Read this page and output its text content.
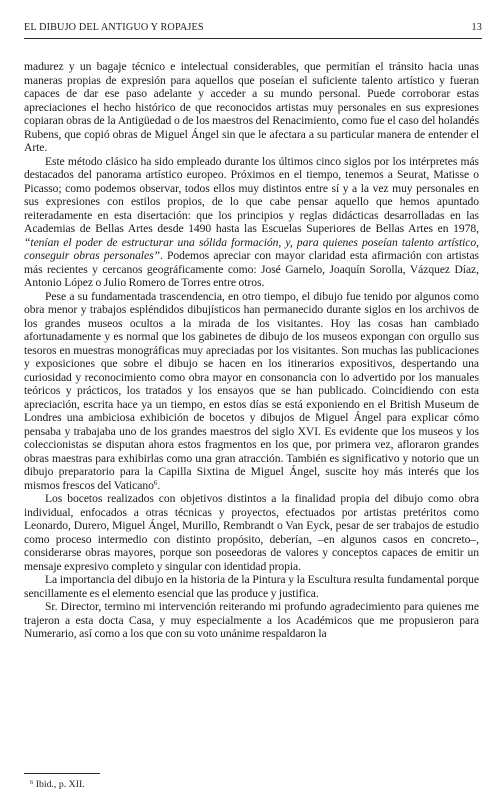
EL DIBUJO DEL ANTIGUO Y ROPAJES	13

madurez y un bagaje técnico e intelectual considerables, que permitían el tránsito hacia unas maneras propias de expresión para aquellos que poseían el suficiente talento artístico y fueran capaces de dar ese paso adelante y acceder a su mundo personal. Puede corroborar estas apreciaciones el hecho histórico de que reconocidos artistas muy personales en sus expresiones copiaran obras de la Antigüedad o de los maestros del Renacimiento, como fue el caso del holandés Rubens, que copió obras de Miguel Ángel sin que le afectara a su particular manera de entender el Arte.

Este método clásico ha sido empleado durante los últimos cinco siglos por los intérpretes más destacados del panorama artístico europeo. Próximos en el tiempo, tenemos a Seurat, Matisse o Picasso; como podemos observar, todos ellos muy distintos entre sí y a la vez muy personales en sus expresiones con estilos propios, de lo que cabe pensar aquello que hemos apuntado reiteradamente en esta disertación: que los principios y reglas didácticas desarrolladas en las Academias de Bellas Artes desde 1490 hasta las Escuelas Superiores de Bellas Artes en 1978, “tenían el poder de estructurar una sólida formación, y, para quienes poseían talento artístico, conseguir obras personales”. Podemos apreciar con mayor claridad esta afirmación con artistas más recientes y cercanos geográficamente como: José Garnelo, Joaquín Sorolla, Vázquez Díaz, Antonio López o Julio Romero de Torres entre otros.

Pese a su fundamentada trascendencia, en otro tiempo, el dibujo fue tenido por algunos como obra menor y trabajos espléndidos dibujísticos han permanecido durante siglos en los archivos de los grandes museos ocultos a la mirada de los visitantes. Hoy las cosas han cambiado afortunadamente y es normal que los gabinetes de dibujo de los museos expongan con orgullo sus tesoros en muestras monográficas muy apreciadas por los visitantes. Son muchas las publicaciones y exposiciones que sobre el dibujo se hacen en los itinerarios expositivos, despertando una curiosidad y reconocimiento como obra mayor en consonancia con lo advertido por los manuales teóricos y prácticos, los tratados y los ensayos que se han publicado. Coincidiendo con esta apreciación, escrita hace ya un tiempo, en estos días se está exponiendo en el British Museum de Londres una ambiciosa exhibición de bocetos y dibujos de Miguel Ángel para explicar cómo pensaba y trabajaba uno de los grandes maestros del siglo XVI. Es evidente que los museos y los coleccionistas se disputan ahora estos fragmentos en los que, por primera vez, afloraron grandes obras maestras para exhibirlas como una gran atracción. También es significativo y notorio que un dibujo preparatorio para la Capilla Sixtina de Miguel Ángel, suscite hoy más interés que los mismos frescos del Vaticano$^6$.

Los bocetos realizados con objetivos distintos a la finalidad propia del dibujo como obra individual, enfocados a otras técnicas y proyectos, efectuados por artistas pretéritos como Leonardo, Durero, Miguel Ángel, Murillo, Rembrandt o Van Eyck, pesar de ser trabajos de estudio como proceso intermedio con distinto propósito, deberían, –en algunos casos en concreto–, considerarse obras mayores, porque son poseedoras de valores y conceptos capaces de emitir un mensaje expresivo completo y singular con identidad propia.

La importancia del dibujo en la historia de la Pintura y la Escultura resulta fundamental porque sencillamente es el elemento esencial que las produce y justifica.

Sr. Director, termino mi intervención reiterando mi profundo agradecimiento para quienes me trajeron a esta docta Casa, y muy especialmente a los Académicos que me propusieron para Numerario, así como a los que con su voto unánime respaldaron la

$^6$ Ibid., p. XII.
